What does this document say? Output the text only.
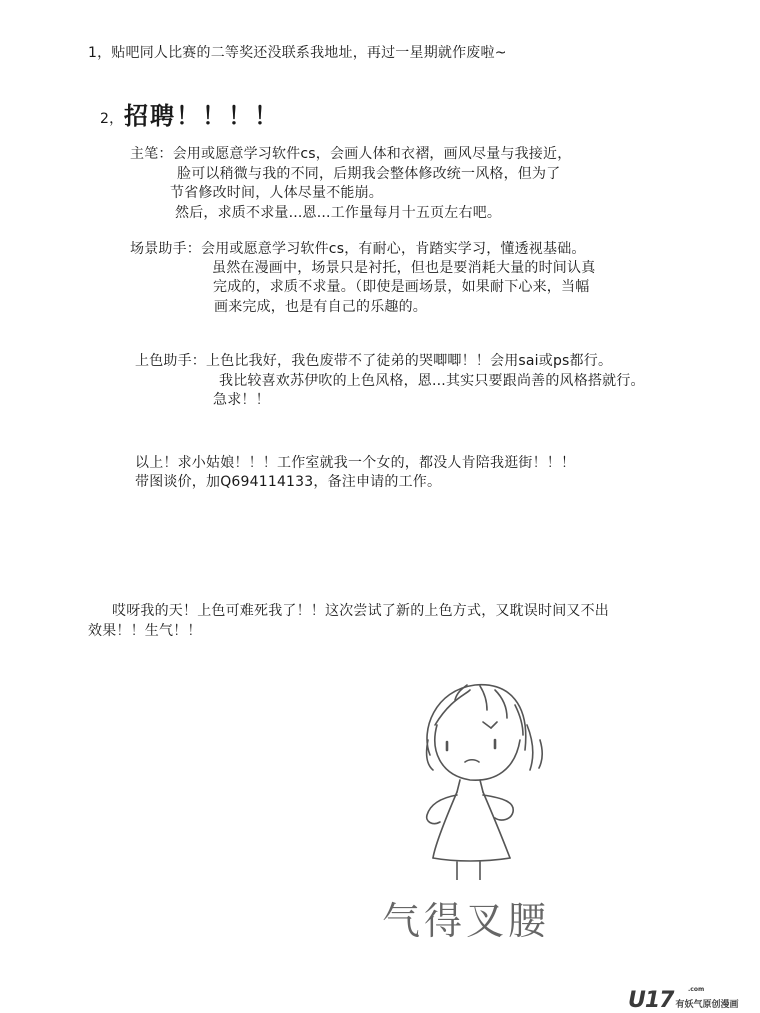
1，贴吧同人比赛的二等奖还没联系我地址，再过一星期就作废啦~
2， 招聘！！！！
主笔：会用或愿意学习软件cs，会画人体和衣褶，画风尽量与我接近，
脸可以稍微与我的不同，后期我会整体修改统一风格，但为了
节省修改时间，人体尽量不能崩。
然后，求质不求量...恩...工作量每月十五页左右吧。
场景助手：会用或愿意学习软件cs，有耐心，肯踏实学习，懂透视基础。
虽然在漫画中，场景只是衬托，但也是要消耗大量的时间认真
完成的，求质不求量。（即使是画场景，如果耐下心来，当幅
画来完成，也是有自己的乐趣的。
上色助手：上色比我好，我色废带不了徒弟的哭唧唧！！会用sai或ps都行。
我比较喜欢苏伊吹的上色风格，恩...其实只要跟尚善的风格搭就行。
急求！！
以上！求小姑娘！！！工作室就我一个女的，都没人肯陪我逛街！！！
带图谈价，加Q694114133，备注申请的工作。
哎呀我的天！上色可难死我了！！这次尝试了新的上色方式，又耽误时间又不出
效果！！生气！！
气得叉腰
U17 有妖气原创漫画
.com
